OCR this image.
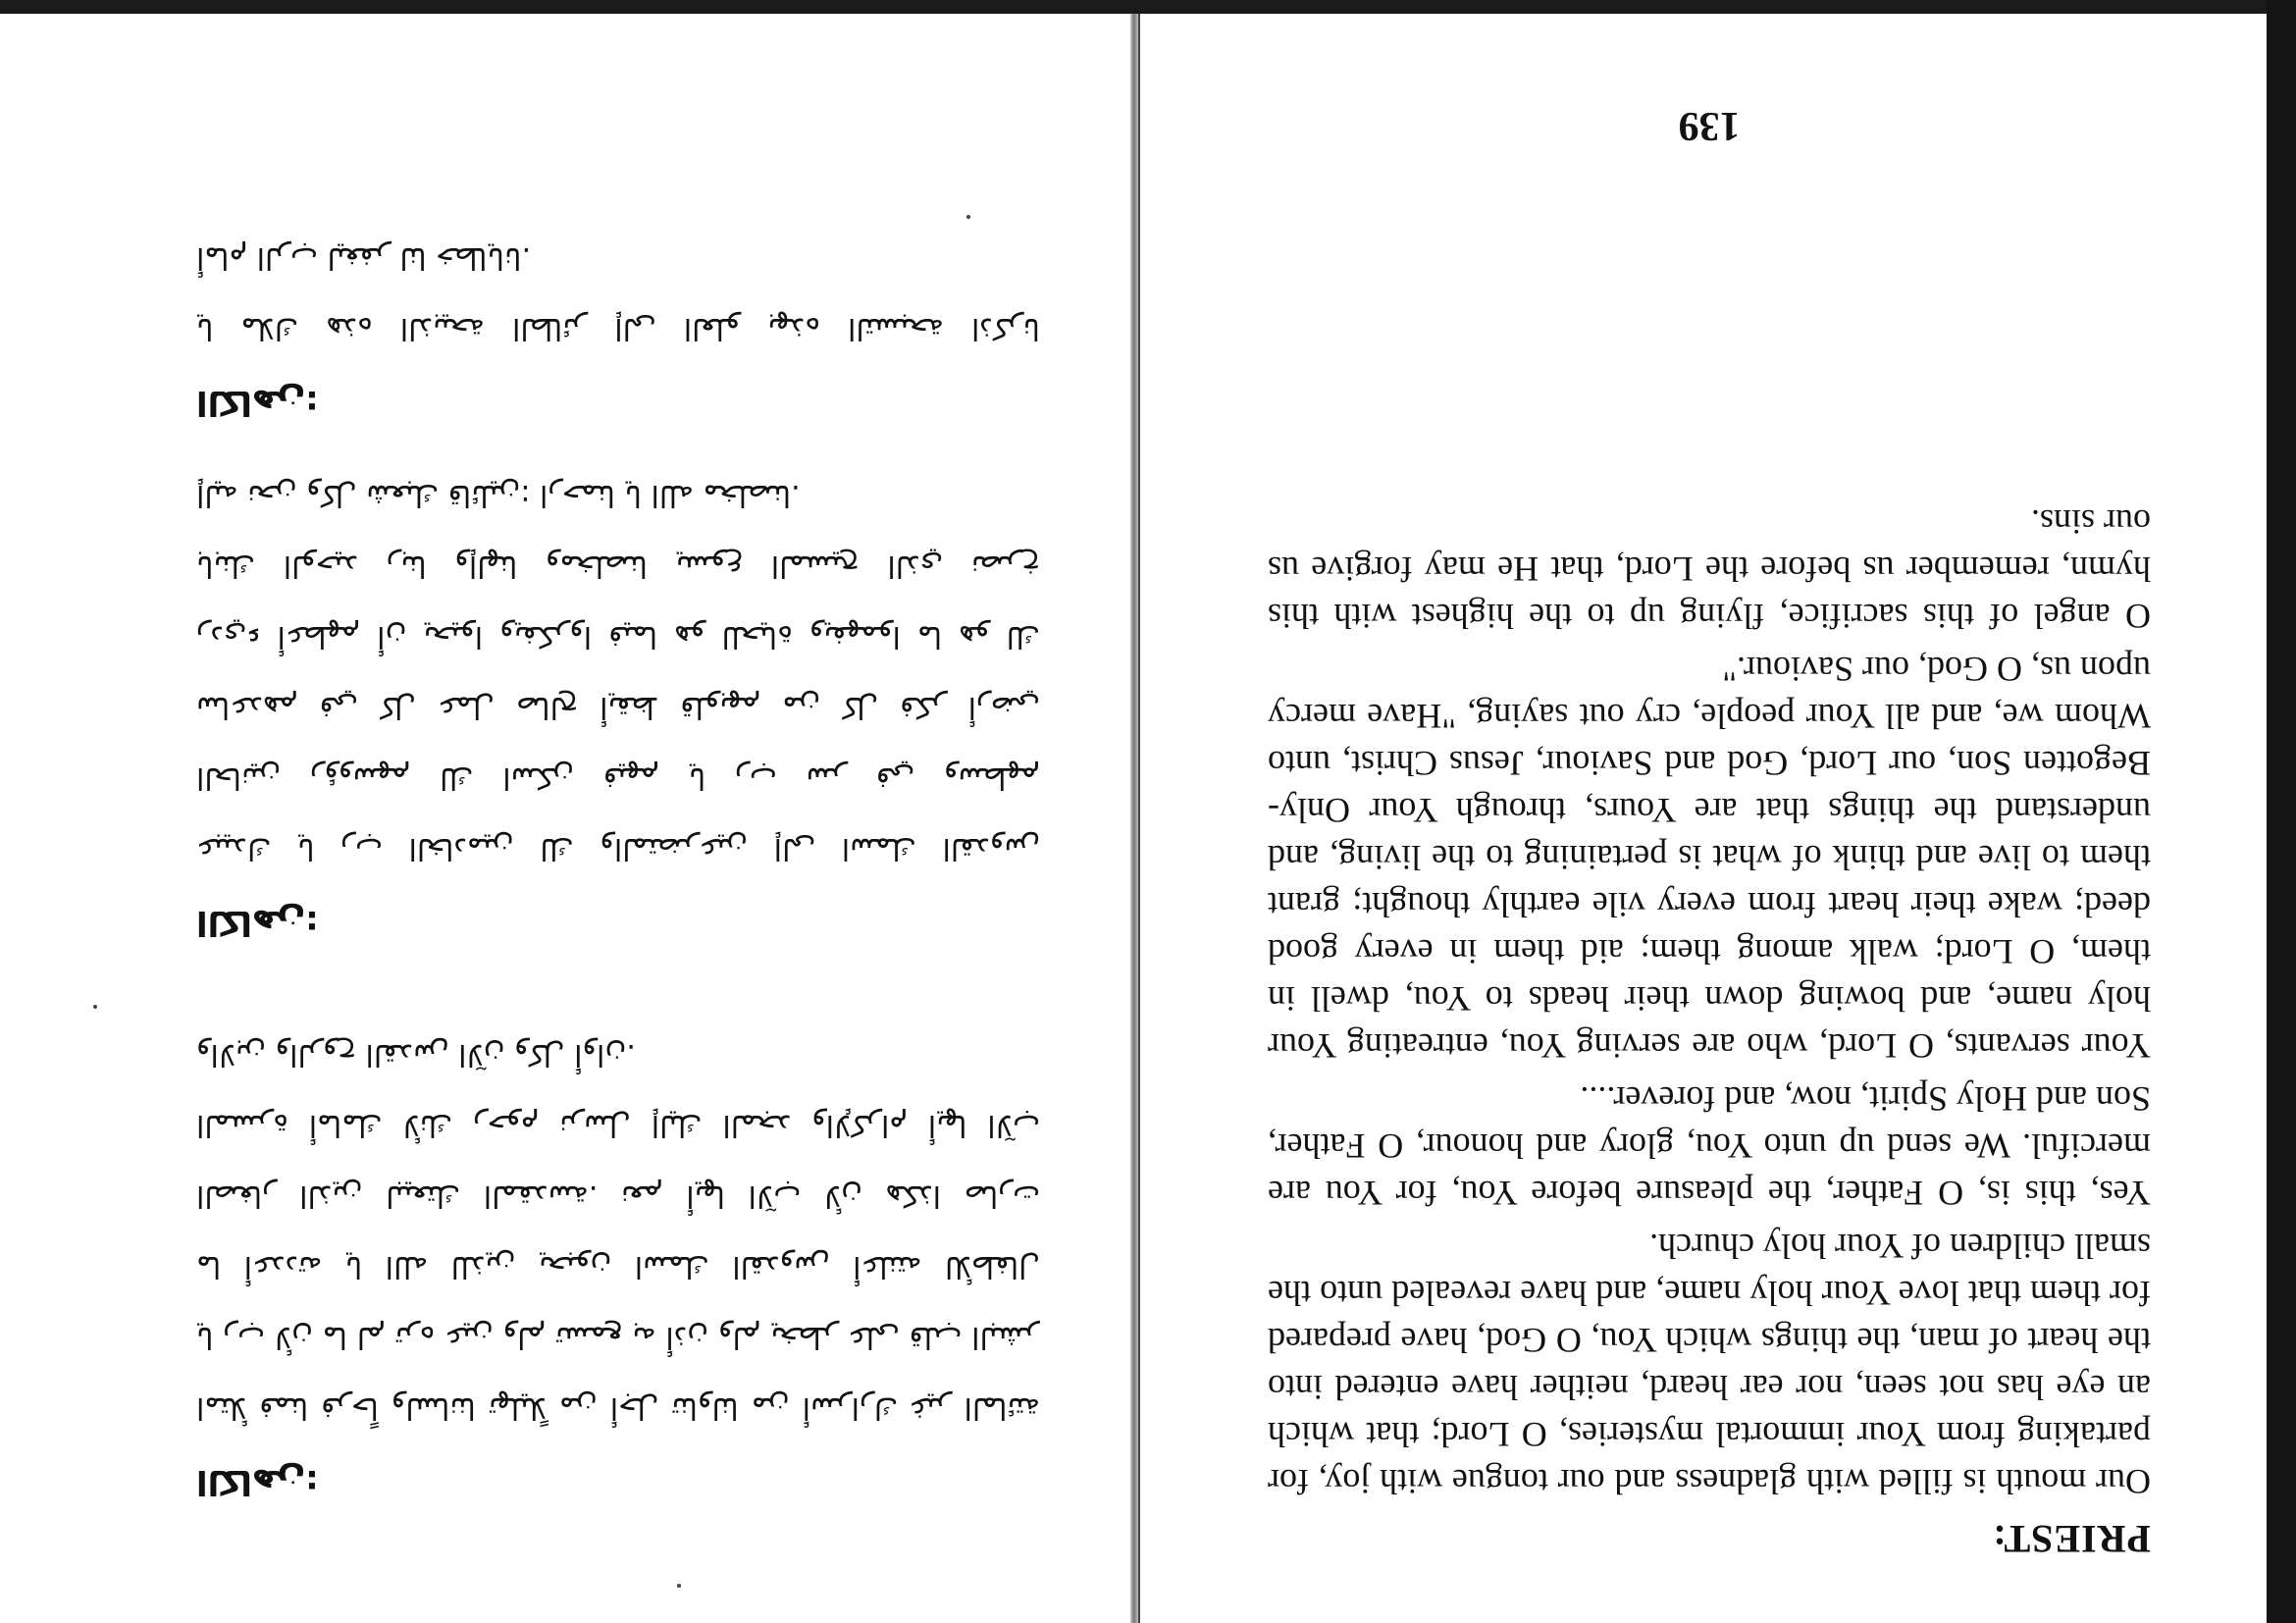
الكاهن:

امتلأ فمنا فرحاً ولساننا تهليلاً من أجل تناولنا من أسرارك غير المائتة

يا رب لأن ما لم تره عين ولم تسمع به أذن ولم يخطر على قلب البشر

ما أعددته يا الله للذين يحبون اسمك القدوس أعلنته للأطفال

الصغار الذين لبيعتك المقدسة. نعم أيها الآب لأن هكذا صارت

المسرة أمامك لأنك رحوم نرسل إليك المجد والإكرام أيها الآب

والابن والروح القدس الآن وكل أوان.

الكاهن:

عبيدك يا رب الخادمين لك والمتضرعين إلى اسمك القدوس

الحانين رؤوسهم لك اسكن فيهم يا رب سر في وسطهم

ساعدهم في كل عمل صالح أيقظ قلوبهم من كل فكر أرضي

رديء أعطهم أن يحيوا ويفكروا فيما هو للحياة ويفهموا ما هو لك

بابنك الوحيد ربنا وإلهنا ومخلصنا يسوع المسيح الذي نصرخ

إليه نحن وكل شعبك قائلين: ارحمنا يا الله مخلصنا.

الكاهن:

يا ملاك هذه الذبيحة الطائر إلى العلو بهذه التسبحة اذكرنا

أمام الرب ليغفر لنا خطايانا.

PRIEST:

Our mouth is filled with gladness and our tongue with joy, for partaking from Your immortal mysteries, O Lord; that which an eye has not seen, nor ear heard, neither have entered into the heart of man, the things which You, O God, have prepared for them that love Your holy name, and have revealed unto the small children of Your holy church.

Yes, this is, O Father, the pleasure before You, for You are merciful. We send up unto You, glory and honour, O Father, Son and Holy Spirit, now, and forever....

Your servants, O Lord, who are serving You, entreating Your holy name, and bowing down their heads to You, dwell in them, O Lord; walk among them; aid them in every good deed; wake their heart from every vile earthly thought; grant them to live and think of what is pertaining to the living, and understand the things that are Yours, through Your Only-Begotten Son, our Lord, God and Saviour, Jesus Christ, unto Whom we, and all Your people, cry out saying, "Have mercy upon us, O God, our Saviour."

O angel of this sacrifice, flying up to the highest with this hymn, remember us before the Lord, that He may forgive us our sins.

139
